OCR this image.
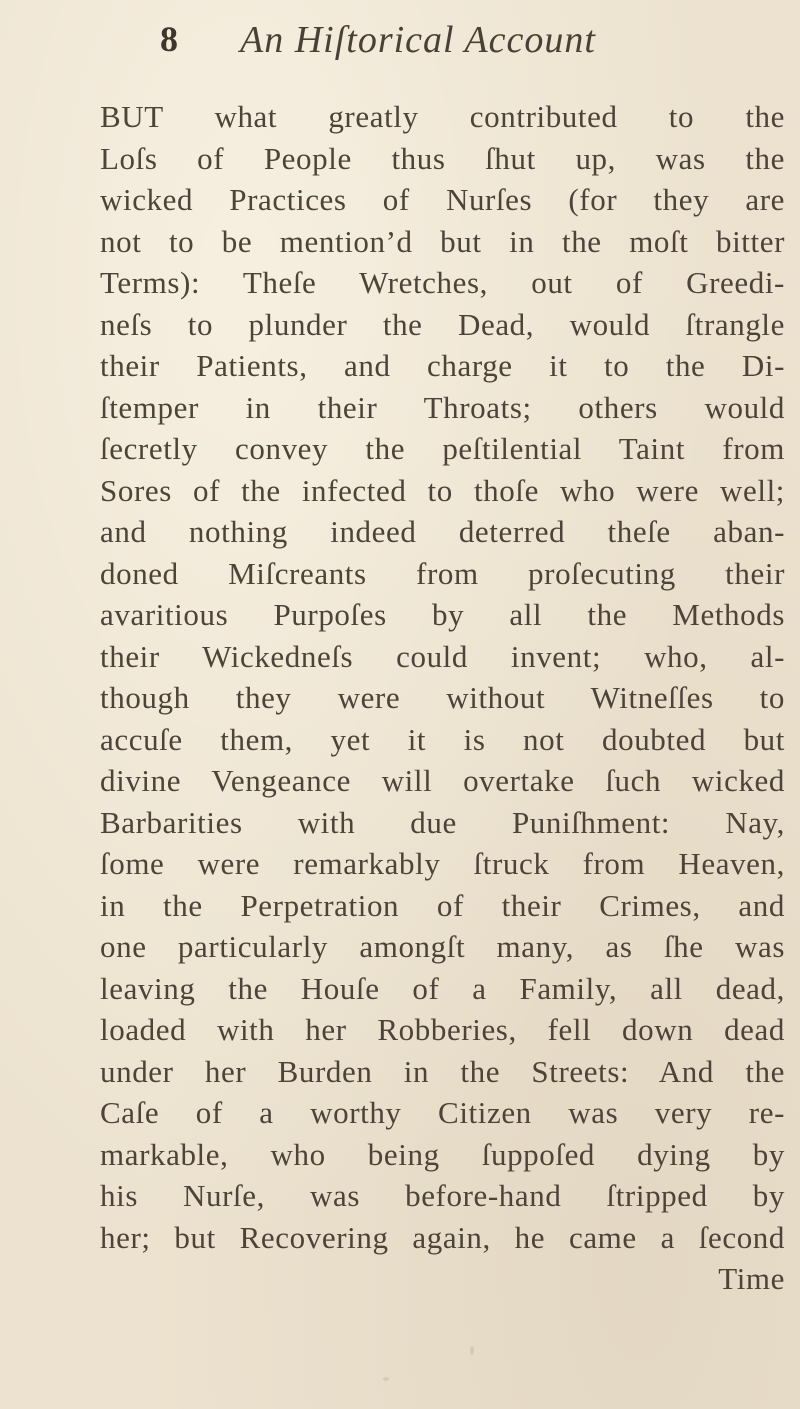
8 An Hiſtorical Account
BUT what greatly contributed to the
Loſs of People thus ſhut up, was the
wicked Practices of Nurſes (for they are
not to be mention’d but in the moſt bitter
Terms): Theſe Wretches, out of Greedi-
neſs to plunder the Dead, would ſtrangle
their Patients, and charge it to the Di-
ſtemper in their Throats; others would
ſecretly convey the peſtilential Taint from
Sores of the infected to thoſe who were well;
and nothing indeed deterred theſe aban-
doned Miſcreants from proſecuting their
avaritious Purpoſes by all the Methods
their Wickedneſs could invent; who, al-
though they were without Witneſſes to
accuſe them, yet it is not doubted but
divine Vengeance will overtake ſuch wicked
Barbarities with due Puniſhment: Nay,
ſome were remarkably ſtruck from Heaven,
in the Perpetration of their Crimes, and
one particularly amongſt many, as ſhe was
leaving the Houſe of a Family, all dead,
loaded with her Robberies, fell down dead
under her Burden in the Streets: And the
Caſe of a worthy Citizen was very re-
markable, who being ſuppoſed dying by
his Nurſe, was before-hand ſtripped by
her; but Recovering again, he came a ſecond
Time
